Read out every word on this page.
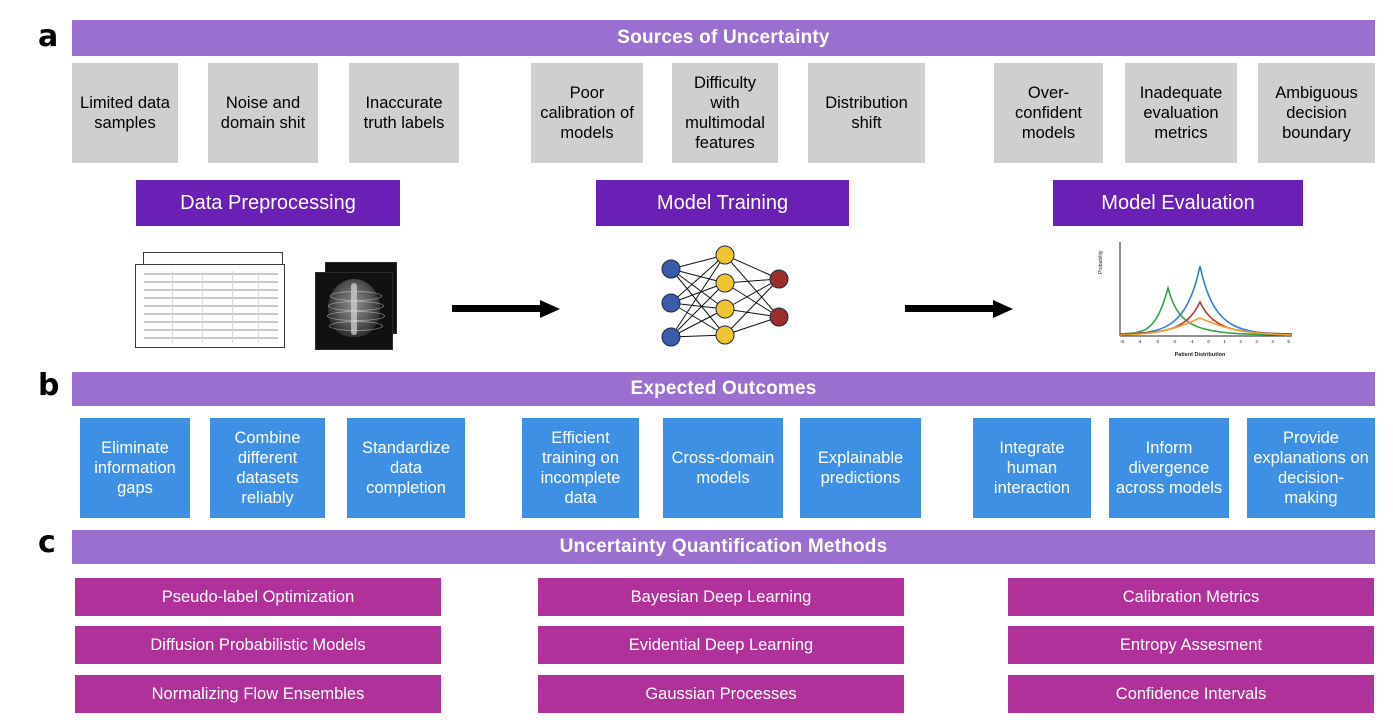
a
b
c
Sources of Uncertainty
Expected Outcomes
Uncertainty Quantification Methods
Limited data samples
Noise and domain shit
Inaccurate truth labels
Poor calibration of models
Difficulty with multimodal features
Distribution shift
Over-confident models
Inadequate evaluation metrics
Ambiguous decision boundary
Data Preprocessing	Model Training	Model Evaluation
Eliminate information gaps
Combine different datasets reliably
Standardize data completion
Efficient training on incomplete data
Cross-domain models
Explainable predictions
Integrate human interaction
Inform divergence across models
Provide explanations on decision-making
Pseudo-label Optimization
Diffusion Probabilistic Models
Normalizing Flow Ensembles
Bayesian Deep Learning
Evidential Deep Learning
Gaussian Processes
Calibration Metrics
Entropy Assesment
Confidence Intervals
Probability
-5	-4	-3	-2	-1	0	1	2	3	4	5
Patient Distribution
